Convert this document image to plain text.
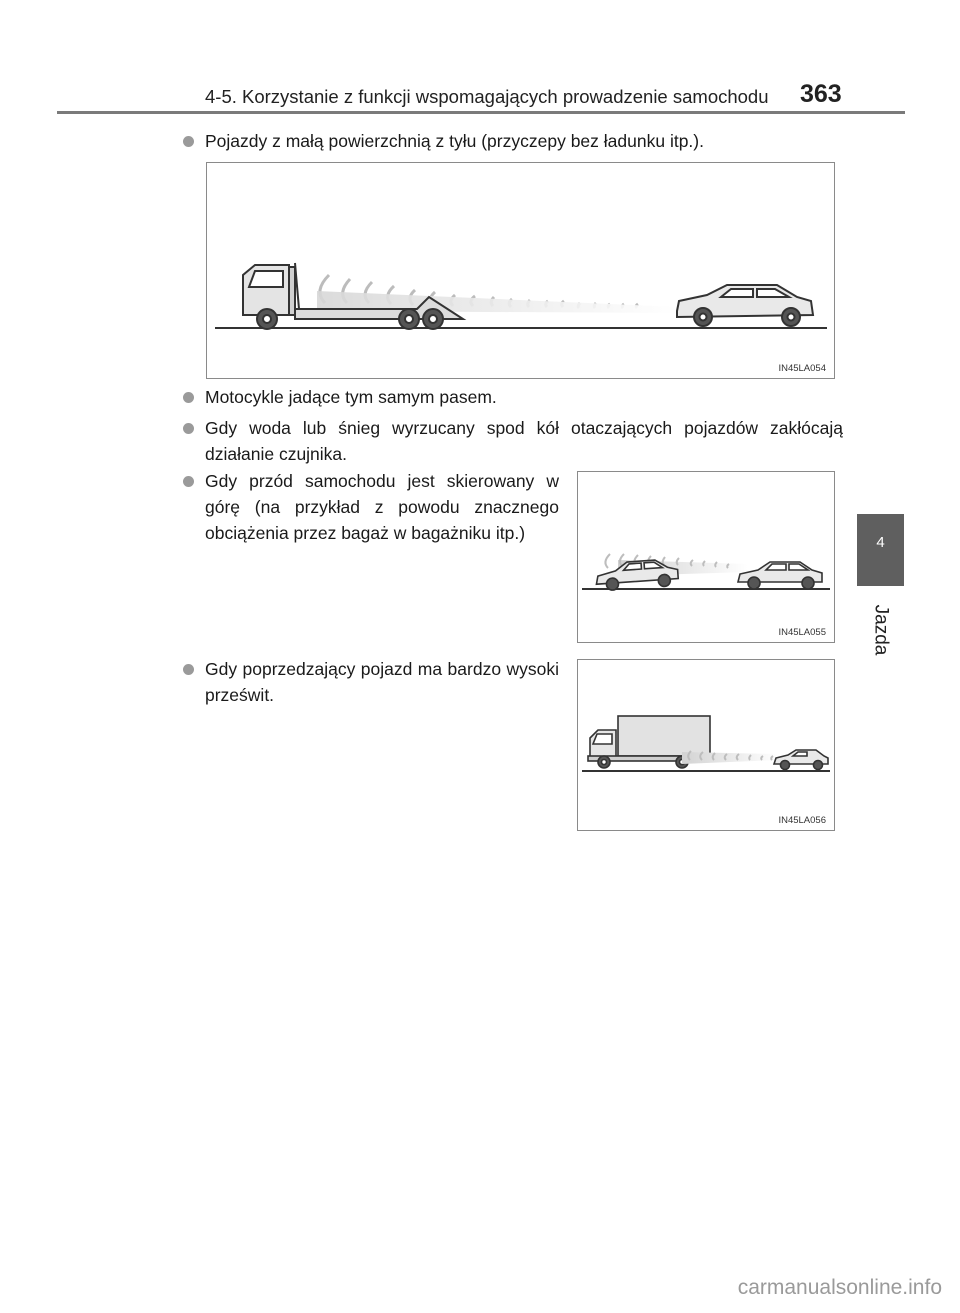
4-5. Korzystanie z funkcji wspomagających prowadzenie samochodu 363
4
Jazda
Pojazdy z małą powierzchnią z tyłu (przyczepy bez ładunku itp.).
IN45LA054
Motocykle jadące tym samym pasem.
Gdy woda lub śnieg wyrzucany spod kół otaczających pojazdów zakłócają działanie czujnika.
Gdy przód samochodu jest skierowany w górę (na przykład z powodu znacznego obciążenia przez bagaż w bagażniku itp.)
IN45LA055
Gdy poprzedzający pojazd ma bardzo wysoki prześwit.
IN45LA056
carmanualsonline.info
